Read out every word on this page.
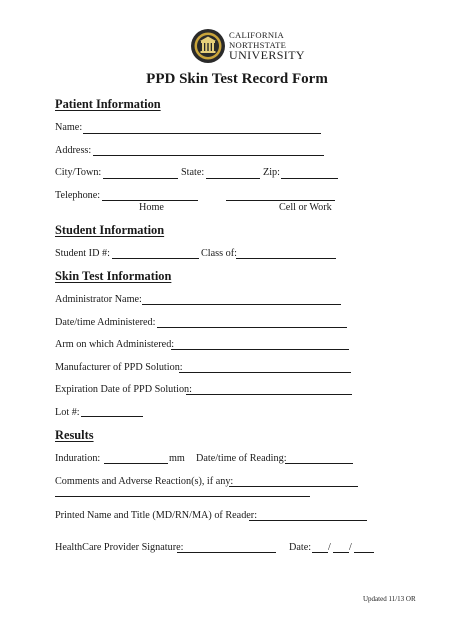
CALIFORNIA
NORTHSTATE
UNIVERSITY
PPD Skin Test Record Form
Patient Information
Name:
Address:
City/Town:	State:	Zip:
Telephone:
Home	Cell or Work
Student Information
Student ID #:	Class of:
Skin Test Information
Administrator Name:
Date/time Administered:
Arm on which Administered:
Manufacturer of PPD Solution:
Expiration Date of PPD Solution:
Lot #:
Results
Induration:	mm Date/time of Reading:
Comments and Adverse Reaction(s), if any:
Printed Name and Title (MD/RN/MA) of Reader:
HealthCare Provider Signature:	Date: / /
Updated 11/13 OR
